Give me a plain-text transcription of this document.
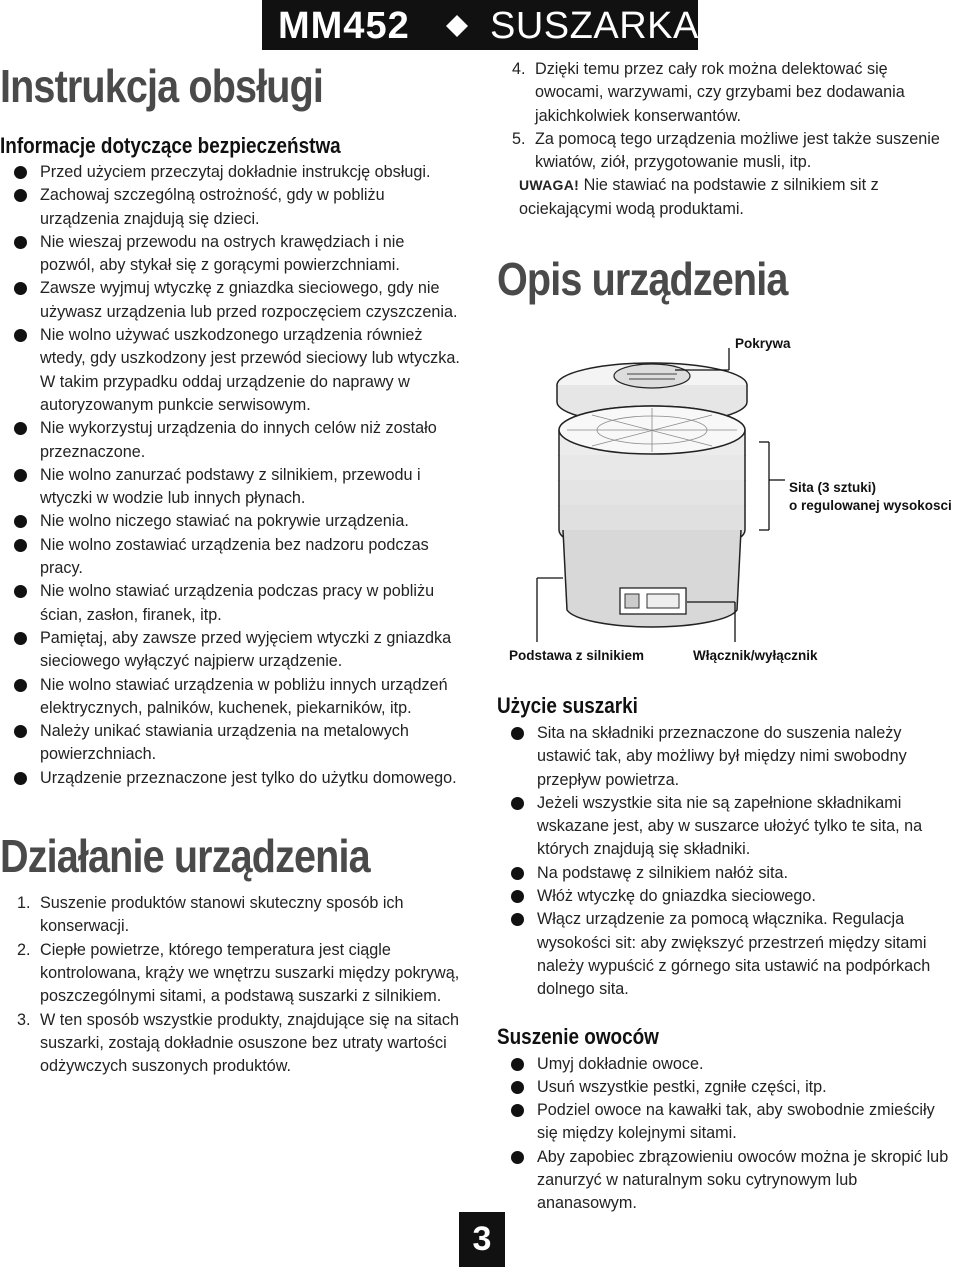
MM452 SUSZARKA
Instrukcja obsługi
Informacje dotyczące bezpieczeństwa
Przed użyciem przeczytaj dokładnie instrukcję obsługi.
Zachowaj szczególną ostrożność, gdy w pobliżu urządzenia znajdują się dzieci.
Nie wieszaj przewodu na ostrych krawędziach i nie pozwól, aby stykał się z gorącymi powierzchniami.
Zawsze wyjmuj wtyczkę z gniazdka sieciowego, gdy nie używasz urządzenia lub przed rozpoczęciem czyszczenia.
Nie wolno używać uszkodzonego urządzenia również wtedy, gdy uszkodzony jest przewód sieciowy lub wtyczka. W takim przypadku oddaj urządzenie do naprawy w autoryzowanym punkcie serwisowym.
Nie wykorzystuj urządzenia do innych celów niż zostało przeznaczone.
Nie wolno zanurzać podstawy z silnikiem, przewodu i wtyczki w wodzie lub innych płynach.
Nie wolno niczego stawiać na pokrywie urządzenia.
Nie wolno zostawiać urządzenia bez nadzoru podczas pracy.
Nie wolno stawiać urządzenia podczas pracy w pobliżu ścian, zasłon, firanek, itp.
Pamiętaj, aby zawsze przed wyjęciem wtyczki z gniazdka sieciowego wyłączyć najpierw urządzenie.
Nie wolno stawiać urządzenia w pobliżu innych urządzeń elektrycznych, palników, kuchenek, piekarników, itp.
Należy unikać stawiania urządzenia na metalowych powierzchniach.
Urządzenie przeznaczone jest tylko do użytku domowego.
Działanie urządzenia
1. Suszenie produktów stanowi skuteczny sposób ich konserwacji.
2. Ciepłe powietrze, którego temperatura jest ciągle kontrolowana, krąży we wnętrzu suszarki między pokrywą, poszczególnymi sitami, a podstawą suszarki z silnikiem.
3. W ten sposób wszystkie produkty, znajdujące się na sitach suszarki, zostają dokładnie osuszone bez utraty wartości odżywczych suszonych produktów.
4. Dzięki temu przez cały rok można delektować się owocami, warzywami, czy grzybami bez dodawania jakichkolwiek konserwantów.
5. Za pomocą tego urządzenia możliwe jest także suszenie kwiatów, ziół, przygotowanie musli, itp.
UWAGA! Nie stawiać na podstawie z silnikiem sit z ociekającymi wodą produktami.
Opis urządzenia
Pokrywa
Sita (3 sztuki)
o regulowanej wysokosci
Podstawa z silnikiem	Włącznik/wyłącznik
Użycie suszarki
Sita na składniki przeznaczone do suszenia należy ustawić tak, aby możliwy był między nimi swobodny przepływ powietrza.
Jeżeli wszystkie sita nie są zapełnione składnikami wskazane jest, aby w suszarce ułożyć tylko te sita, na których znajdują się składniki.
Na podstawę z silnikiem nałóż sita.
Włóż wtyczkę do gniazdka sieciowego.
Włącz urządzenie za pomocą włącznika. Regulacja wysokości sit: aby zwiększyć przestrzeń między sitami należy wypuścić z górnego sita ustawić na podpórkach dolnego sita.
Suszenie owoców
Umyj dokładnie owoce.
Usuń wszystkie pestki, zgniłe części, itp.
Podziel owoce na kawałki tak, aby swobodnie zmieściły się między kolejnymi sitami.
Aby zapobiec zbrązowieniu owoców można je skropić lub zanurzyć w naturalnym soku cytrynowym lub ananasowym.
3
